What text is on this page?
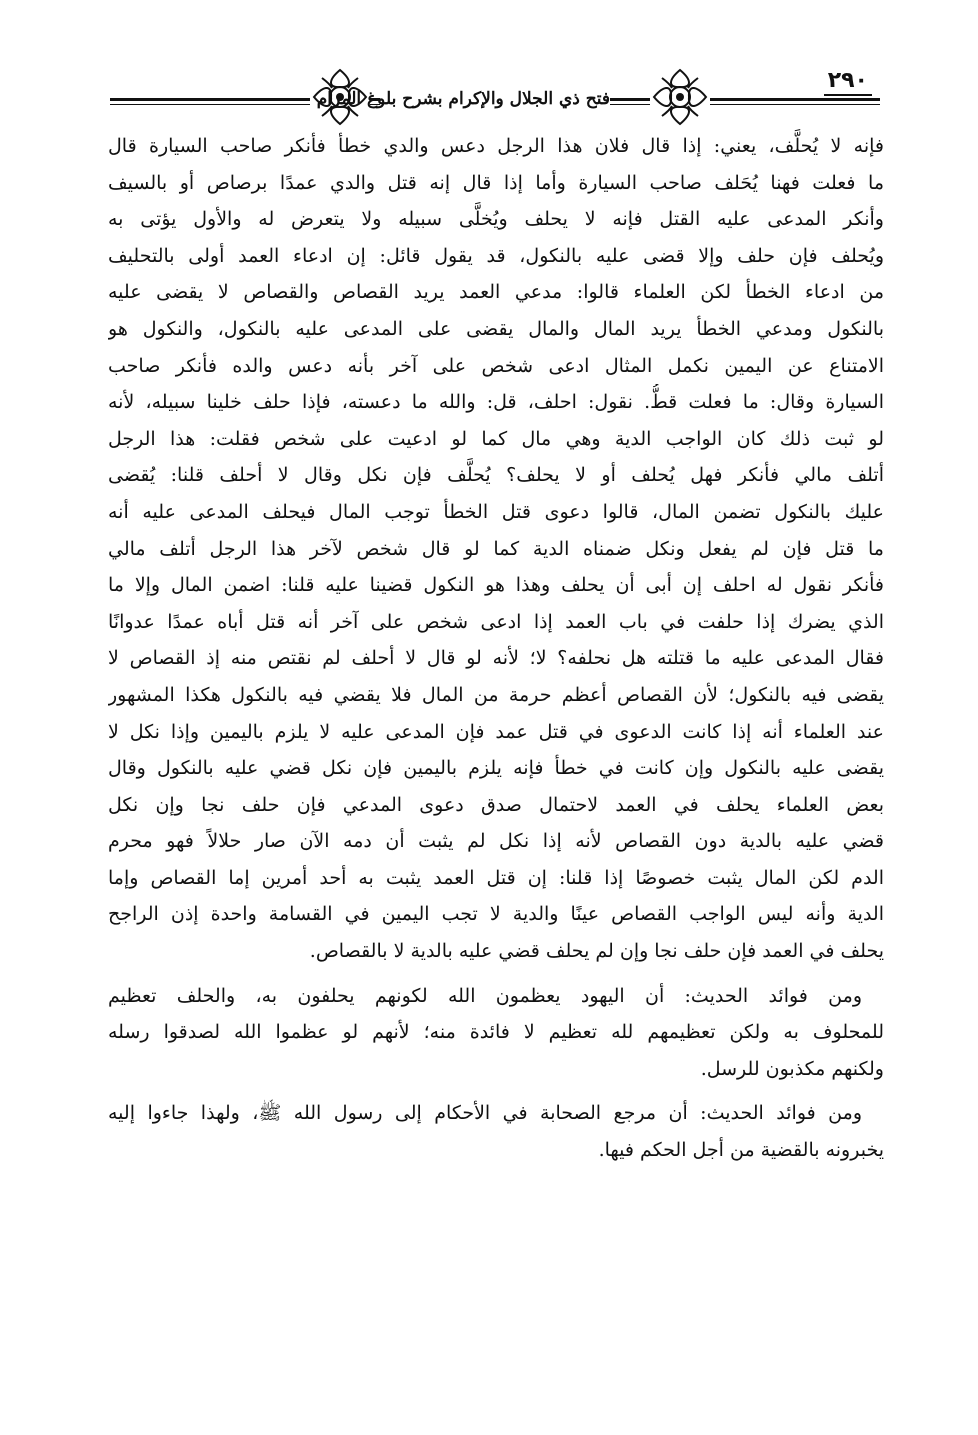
فتح ذي الجلال والإكرام بشرح بلوغ المرام
٢٩٠

فإنه لا يُحلَّف، يعني: إذا قال فلان هذا الرجل دعس والدي خطأ فأنكر صاحب السيارة قال
ما فعلت فهنا يُحَلف صاحب السيارة وأما إذا قال إنه قتل والدي عمدًا برصاص أو بالسيف
وأنكر المدعى عليه القتل فإنه لا يحلف ويُخلَّى سبيله ولا يتعرض له والأول يؤتى به
ويُحلف فإن حلف وإلا قضى عليه بالنكول، قد يقول قائل: إن ادعاء العمد أولى بالتحليف
من ادعاء الخطأ لكن العلماء قالوا: مدعي العمد يريد القصاص والقصاص لا يقضى عليه
بالنكول ومدعي الخطأ يريد المال والمال يقضى على المدعى عليه بالنكول، والنكول هو
الامتناع عن اليمين نكمل المثال ادعى شخص على آخر بأنه دعس والده فأنكر صاحب
السيارة وقال: ما فعلت قطُّ. نقول: احلف، قل: والله ما دعسته، فإذا حلف خلينا سبيله، لأنه
لو ثبت ذلك كان الواجب الدية وهي مال كما لو ادعيت على شخص فقلت: هذا الرجل
أتلف مالي فأنكر فهل يُحلف أو لا يحلف؟ يُحلَّف فإن نكل وقال لا أحلف قلنا: يُقضى
عليك بالنكول تضمن المال، قالوا دعوى قتل الخطأ توجب المال فيحلف المدعى عليه أنه
ما قتل فإن لم يفعل ونكل ضمناه الدية كما لو قال شخص لآخر هذا الرجل أتلف مالي
فأنكر نقول له احلف إن أبى أن يحلف وهذا هو النكول قضينا عليه قلنا: اضمن المال وإلا ما
الذي يضرك إذا حلفت في باب العمد إذا ادعى شخص على آخر أنه قتل أباه عمدًا عدوانًا
فقال المدعى عليه ما قتلته هل نحلفه؟ لا؛ لأنه لو قال لا أحلف لم نقتص منه إذ القصاص لا
يقضى فيه بالنكول؛ لأن القصاص أعظم حرمة من المال فلا يقضي فيه بالنكول هكذا المشهور
عند العلماء أنه إذا كانت الدعوى في قتل عمد فإن المدعى عليه لا يلزم باليمين وإذا نكل لا
يقضى عليه بالنكول وإن كانت في خطأ فإنه يلزم باليمين فإن نكل قضي عليه بالنكول وقال
بعض العلماء يحلف في العمد لاحتمال صدق دعوى المدعي فإن حلف نجا وإن نكل
قضي عليه بالدية دون القصاص لأنه إذا نكل لم يثبت أن دمه الآن صار حلالاً فهو محرم
الدم لكن المال يثبت خصوصًا إذا قلنا: إن قتل العمد يثبت به أحد أمرين إما القصاص وإما
الدية وأنه ليس الواجب القصاص عينًا والدية لا تجب اليمين في القسامة واحدة إذن الراجح
يحلف في العمد فإن حلف نجا وإن لم يحلف قضي عليه بالدية لا بالقصاص.

ومن فوائد الحديث: أن اليهود يعظمون الله لكونهم يحلفون به، والحلف تعظيم
للمحلوف به ولكن تعظيمهم لله تعظيم لا فائدة منه؛ لأنهم لو عظموا الله لصدقوا رسله
ولكنهم مكذبون للرسل.

ومن فوائد الحديث: أن مرجع الصحابة في الأحكام إلى رسول الله ﷺ، ولهذا جاءوا إليه
يخبرونه بالقضية من أجل الحكم فيها.
